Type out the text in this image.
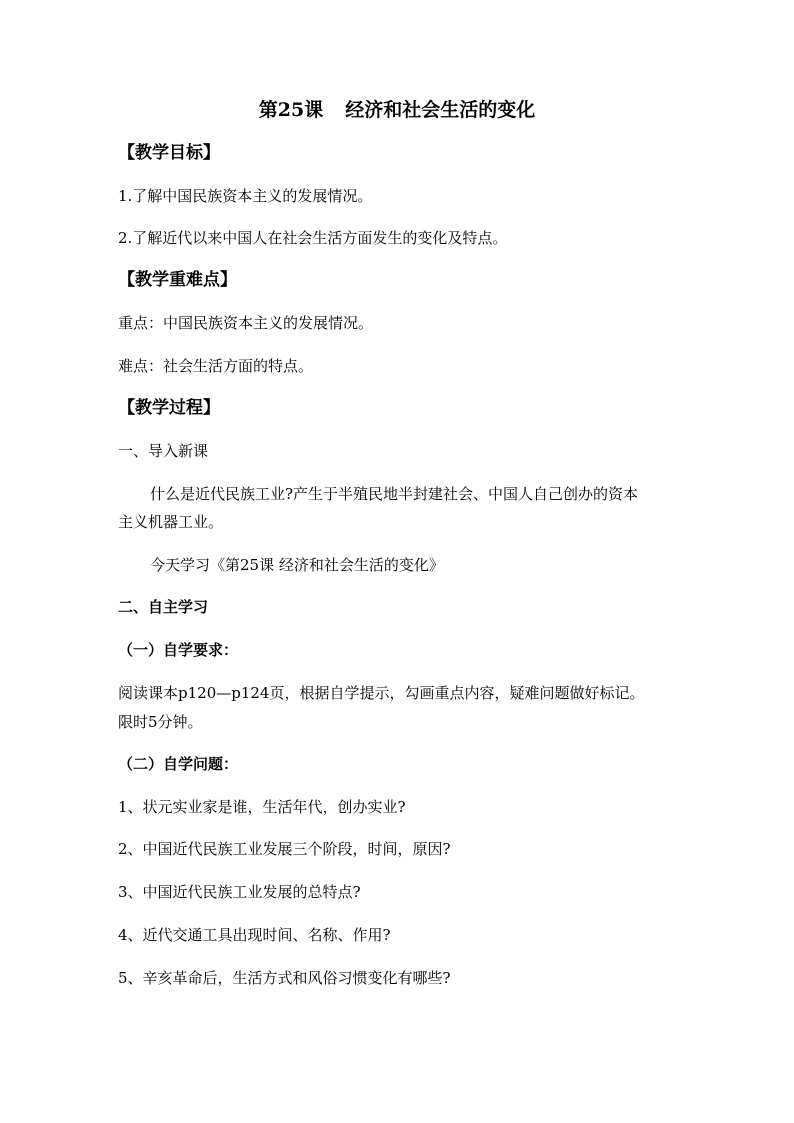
第25课 经济和社会生活的变化

【教学目标】

1.了解中国民族资本主义的发展情况。

2.了解近代以来中国人在社会生活方面发生的变化及特点。

【教学重难点】

重点：中国民族资本主义的发展情况。

难点：社会生活方面的特点。

【教学过程】

一、导入新课

什么是近代民族工业?产生于半殖民地半封建社会、中国人自己创办的资本

主义机器工业。

今天学习《第25课 经济和社会生活的变化》

二、自主学习

（一）自学要求：

阅读课本p120—p124页，根据自学提示，勾画重点内容，疑难问题做好标记。

限时5分钟。

（二）自学问题：

1、状元实业家是谁，生活年代，创办实业?

2、中国近代民族工业发展三个阶段，时间，原因?

3、中国近代民族工业发展的总特点?

4、近代交通工具出现时间、名称、作用?

5、辛亥革命后，生活方式和风俗习惯变化有哪些?
